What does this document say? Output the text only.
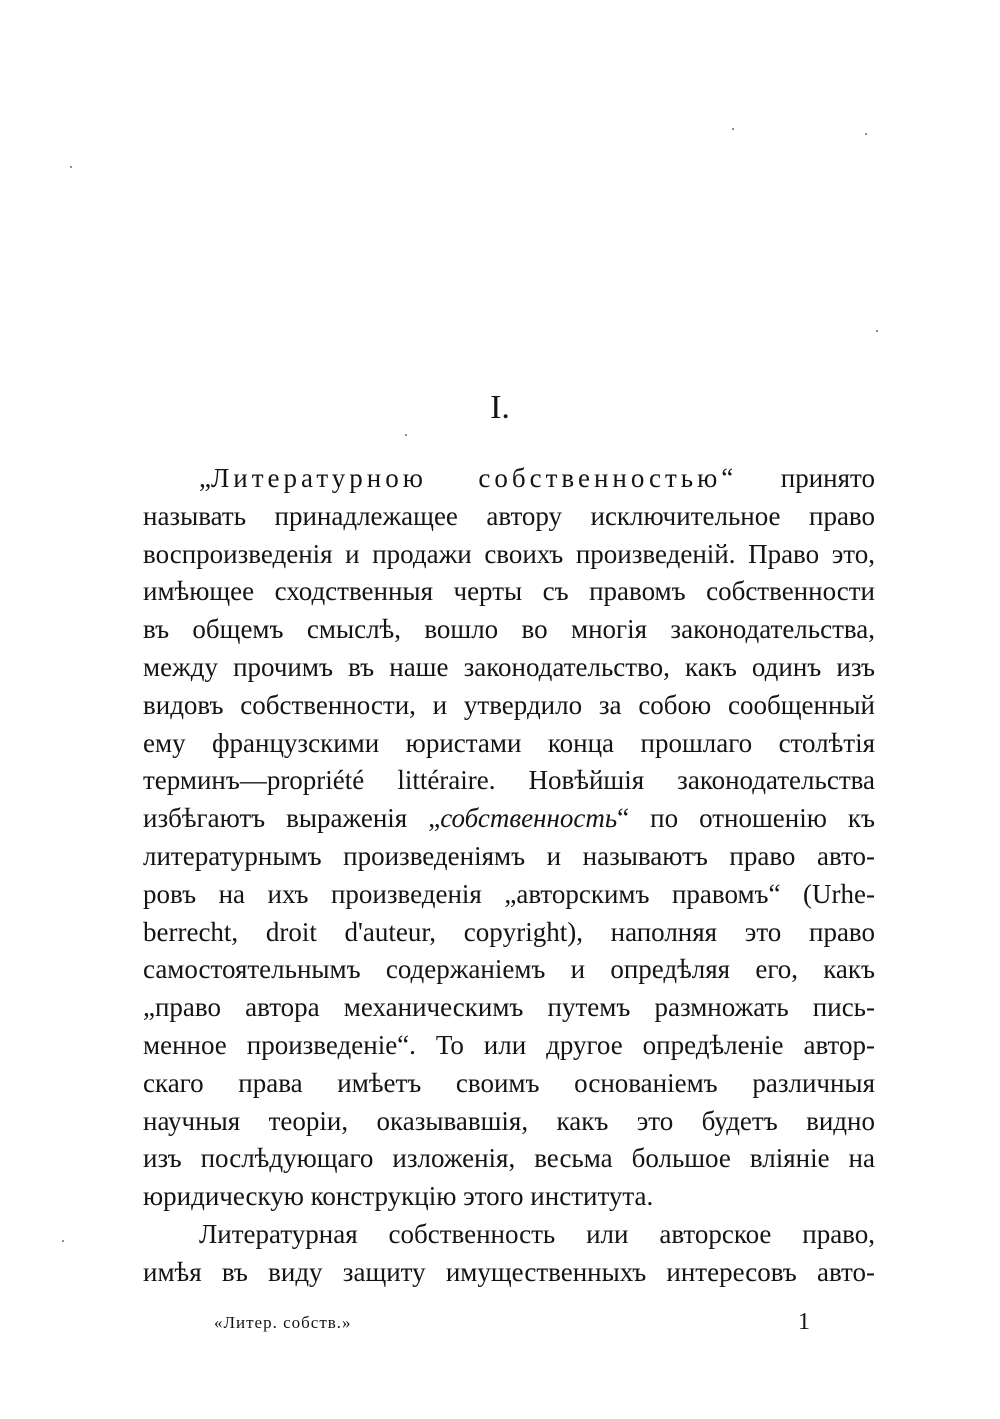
I.
„Литературною собственностью“ принято
называть принадлежащее автору исключительное право
воспроизведенія и продажи своихъ произведеній. Право это,
имѣющее сходственныя черты съ правомъ собственности
въ общемъ смыслѣ, вошло во многія законодательства,
между прочимъ въ наше законодательство, какъ одинъ изъ
видовъ собственности, и утвердило за собою сообщенный
ему французскими юристами конца прошлаго столѣтія
терминъ—propriété littéraire. Новѣйшія законодательства
избѣгаютъ выраженія „собственность“ по отношенію къ
литературнымъ произведеніямъ и называютъ право авто-
ровъ на ихъ произведенія „авторскимъ правомъ“ (Urhe-
berrecht, droit d'auteur, copyright), наполняя это право
самостоятельнымъ содержаніемъ и опредѣляя его, какъ
„право автора механическимъ путемъ размножать пись-
менное произведеніе“. То или другое опредѣленіе автор-
скаго права имѣетъ своимъ основаніемъ различныя
научныя теоріи, оказывавшія, какъ это будетъ видно
изъ послѣдующаго изложенія, весьма большое вліяніе на
юридическую конструкцію этого института.
Литературная собственность или авторское право,
имѣя въ виду защиту имущественныхъ интересовъ авто-
«Литер. собств.»	1
